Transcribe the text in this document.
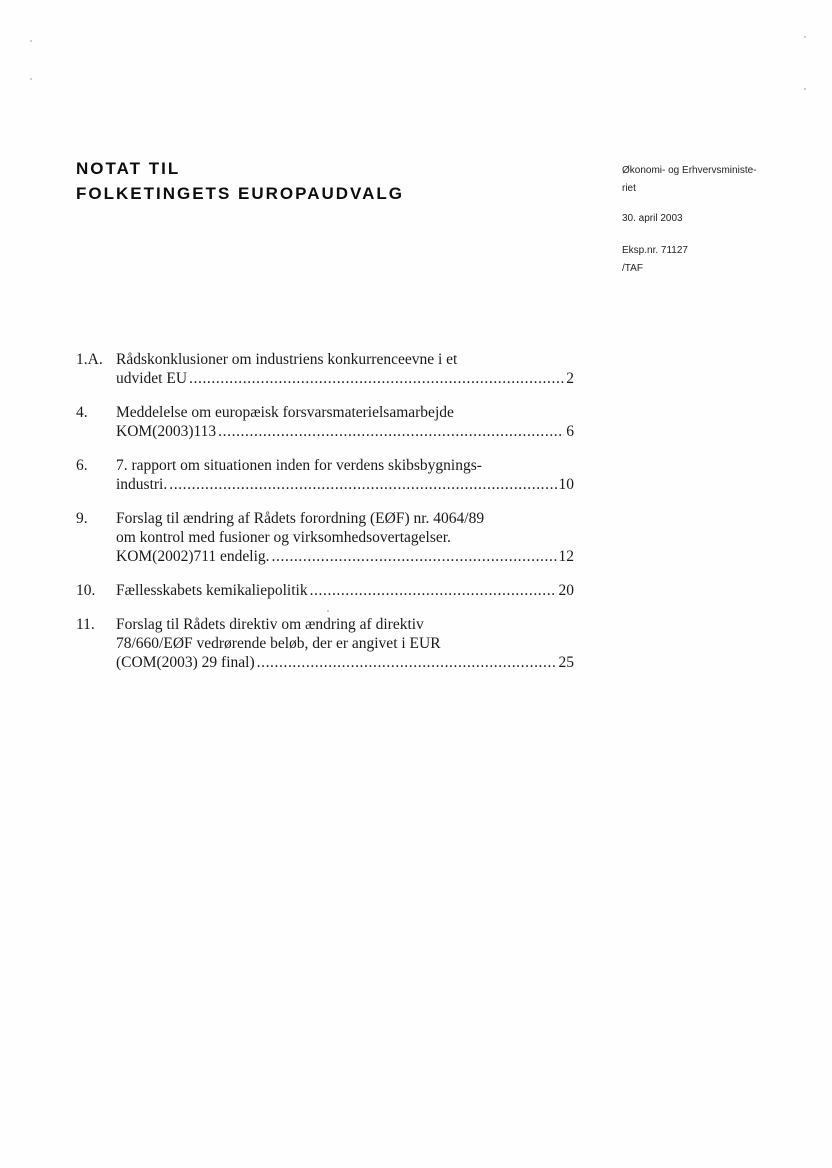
NOTAT TIL
FOLKETINGETS EUROPAUDVALG
Økonomi- og Erhvervsministe-
riet
30. april 2003
Eksp.nr. 71127
/TAF
1.A. Rådskonklusioner om industriens konkurrenceevne i et
udvidet EU .....	2
4. Meddelelse om europæisk forsvarsmaterielsamarbejde
KOM(2003)113 .....	6
6. 7. rapport om situationen inden for verdens skibsbygnings-
industri. .....	10
9. Forslag til ændring af Rådets forordning (EØF) nr. 4064/89
om kontrol med fusioner og virksomhedsovertagelser.
KOM(2002)711 endelig. .....	12
10. Fællesskabets kemikaliepolitik .....	20
11. Forslag til Rådets direktiv om ændring af direktiv
78/660/EØF vedrørende beløb, der er angivet i EUR
(COM(2003) 29 final) .....	25
